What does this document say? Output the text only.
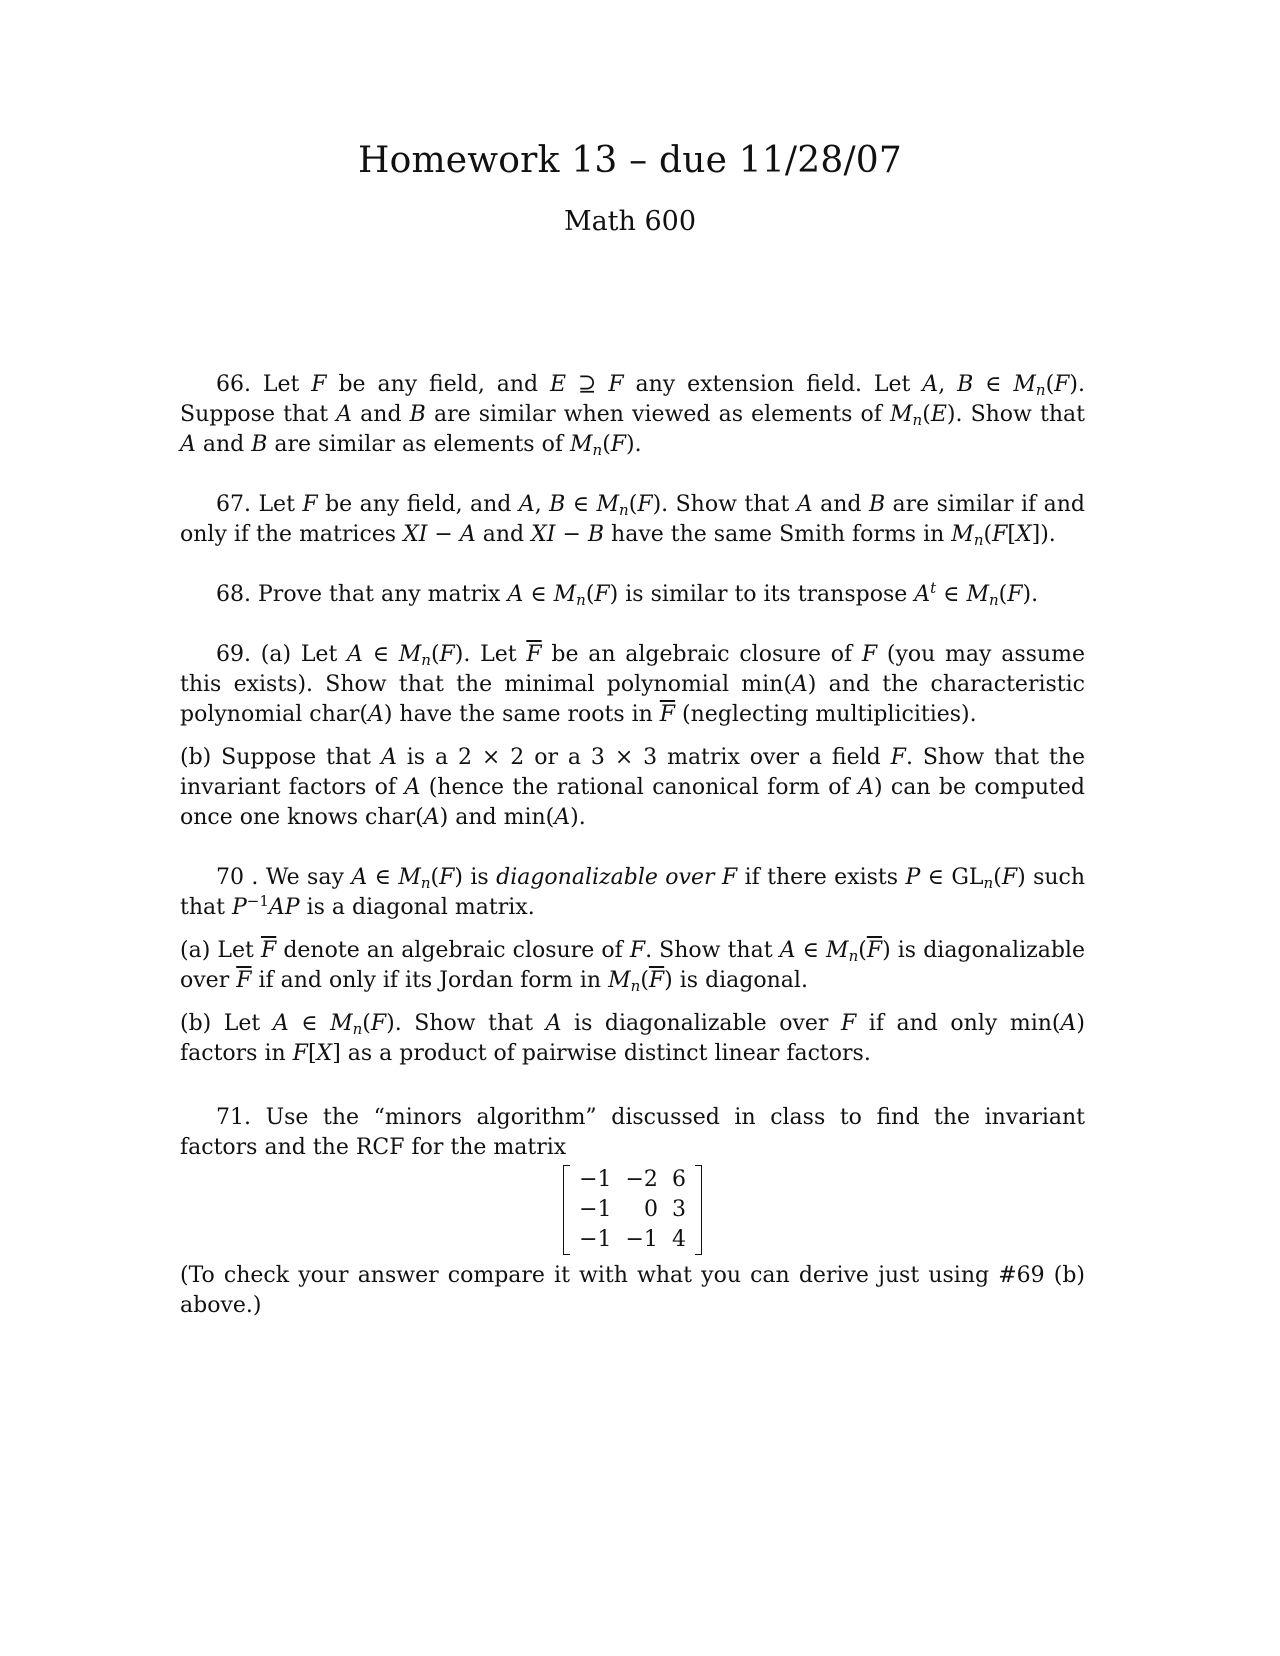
Homework 13 – due 11/28/07
Math 600

66. Let F be any field, and E ⊇ F any extension field. Let A, B ∈ $M_n(F)$. Suppose that A and B are similar when viewed as elements of $M_n(E)$. Show that A and B are similar as elements of $M_n(F)$.

67. Let F be any field, and A, B ∈ $M_n(F)$. Show that A and B are similar if and only if the matrices XI − A and XI − B have the same Smith forms in $M_n(F[X])$.

68. Prove that any matrix A ∈ $M_n(F)$ is similar to its transpose $A^t$ ∈ $M_n(F)$.

69. (a) Let A ∈ $M_n(F)$. Let $\overline{F}$ be an algebraic closure of F (you may assume this exists). Show that the minimal polynomial min(A) and the characteristic polynomial char(A) have the same roots in $\overline{F}$ (neglecting multiplicities).

(b) Suppose that A is a 2 × 2 or a 3 × 3 matrix over a field F. Show that the invariant factors of A (hence the rational canonical form of A) can be computed once one knows char(A) and min(A).

70 . We say A ∈ $M_n(F)$ is diagonalizable over F if there exists P ∈ $GL_n(F)$ such that $P^{-1}AP$ is a diagonal matrix.

(a) Let $\overline{F}$ denote an algebraic closure of F. Show that A ∈ $M_n(\overline{F})$ is diagonalizable over $\overline{F}$ if and only if its Jordan form in $M_n(\overline{F})$ is diagonal.

(b) Let A ∈ $M_n(F)$. Show that A is diagonalizable over F if and only min(A) factors in F[X] as a product of pairwise distinct linear factors.

71. Use the “minors algorithm” discussed in class to find the invariant factors and the RCF for the matrix

−1	−2	6
−1	0	3
−1	−1	4

(To check your answer compare it with what you can derive just using #69 (b) above.)
